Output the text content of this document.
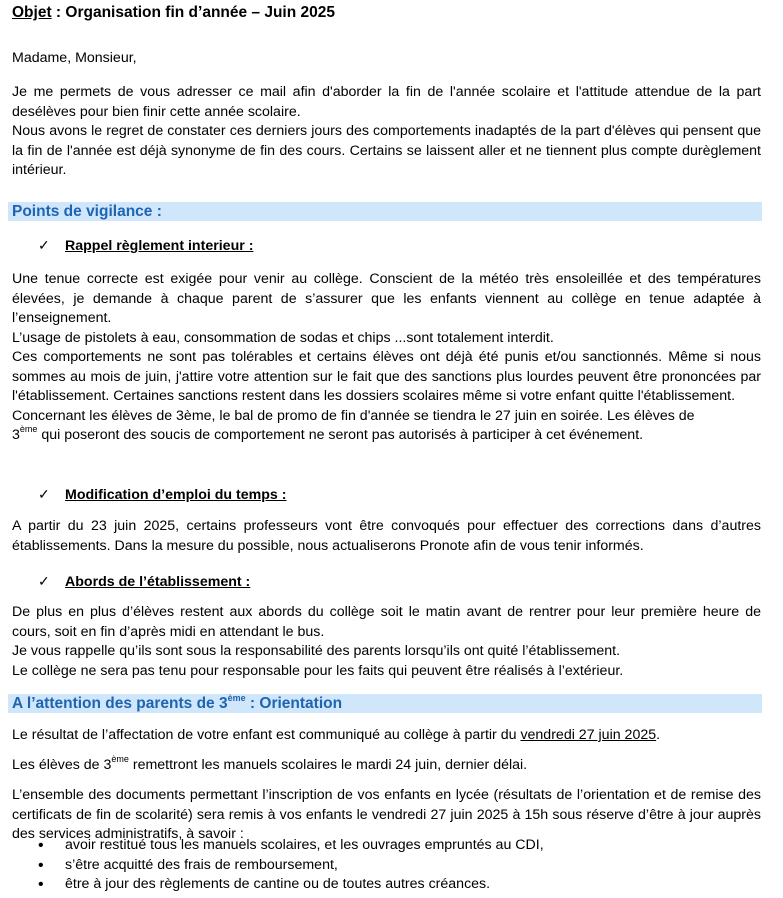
Objet : Organisation fin d’année – Juin 2025

Madame, Monsieur,

Je me permets de vous adresser ce mail afin d'aborder la fin de l'année scolaire et l'attitude attendue de la part desélèves pour bien finir cette année scolaire.

Nous avons le regret de constater ces derniers jours des comportements inadaptés de la part d'élèves qui pensent que la fin de l'année est déjà synonyme de fin des cours. Certains se laissent aller et ne tiennent plus compte durèglement intérieur.

Points de vigilance :
✓ Rappel règlement interieur :

Une tenue correcte est exigée pour venir au collège. Conscient de la météo très ensoleillée et des températures élevées, je demande à chaque parent de s’assurer que les enfants viennent au collège en tenue adaptée à l’enseignement.

L’usage de pistolets à eau, consommation de sodas et chips ...sont totalement interdit.

Ces comportements ne sont pas tolérables et certains élèves ont déjà été punis et/ou sanctionnés. Même si nous sommes au mois de juin, j'attire votre attention sur le fait que des sanctions plus lourdes peuvent être prononcées par l'établissement. Certaines sanctions restent dans les dossiers scolaires même si votre enfant quitte l'établissement.

Concernant les élèves de 3ème, le bal de promo de fin d'année se tiendra le 27 juin en soirée. Les élèves de
3ème qui poseront des soucis de comportement ne seront pas autorisés à participer à cet événement.

✓ Modification d’emploi du temps :

A partir du 23 juin 2025, certains professeurs vont être convoqués pour effectuer des corrections dans d’autres établissements. Dans la mesure du possible, nous actualiserons Pronote afin de vous tenir informés.

✓ Abords de l’établissement :

De plus en plus d’élèves restent aux abords du collège soit le matin avant de rentrer pour leur première heure de cours, soit en fin d’après midi en attendant le bus.

Je vous rappelle qu’ils sont sous la responsabilité des parents lorsqu’ils ont quité l’établissement.

Le collège ne sera pas tenu pour responsable pour les faits qui peuvent être réalisés à l’extérieur.

A l’attention des parents de 3ème : Orientation

Le résultat de l’affectation de votre enfant est communiqué au collège à partir du vendredi 27 juin 2025.

Les élèves de 3ème remettront les manuels scolaires le mardi 24 juin, dernier délai.

L’ensemble des documents permettant l’inscription de vos enfants en lycée (résultats de l’orientation et de remise des certificats de fin de scolarité) sera remis à vos enfants le vendredi 27 juin 2025 à 15h sous réserve d’être à jour auprès des services administratifs, à savoir :

• avoir restitué tous les manuels scolaires, et les ouvrages empruntés au CDI,
• s’être acquitté des frais de remboursement,
• être à jour des règlements de cantine ou de toutes autres créances.
